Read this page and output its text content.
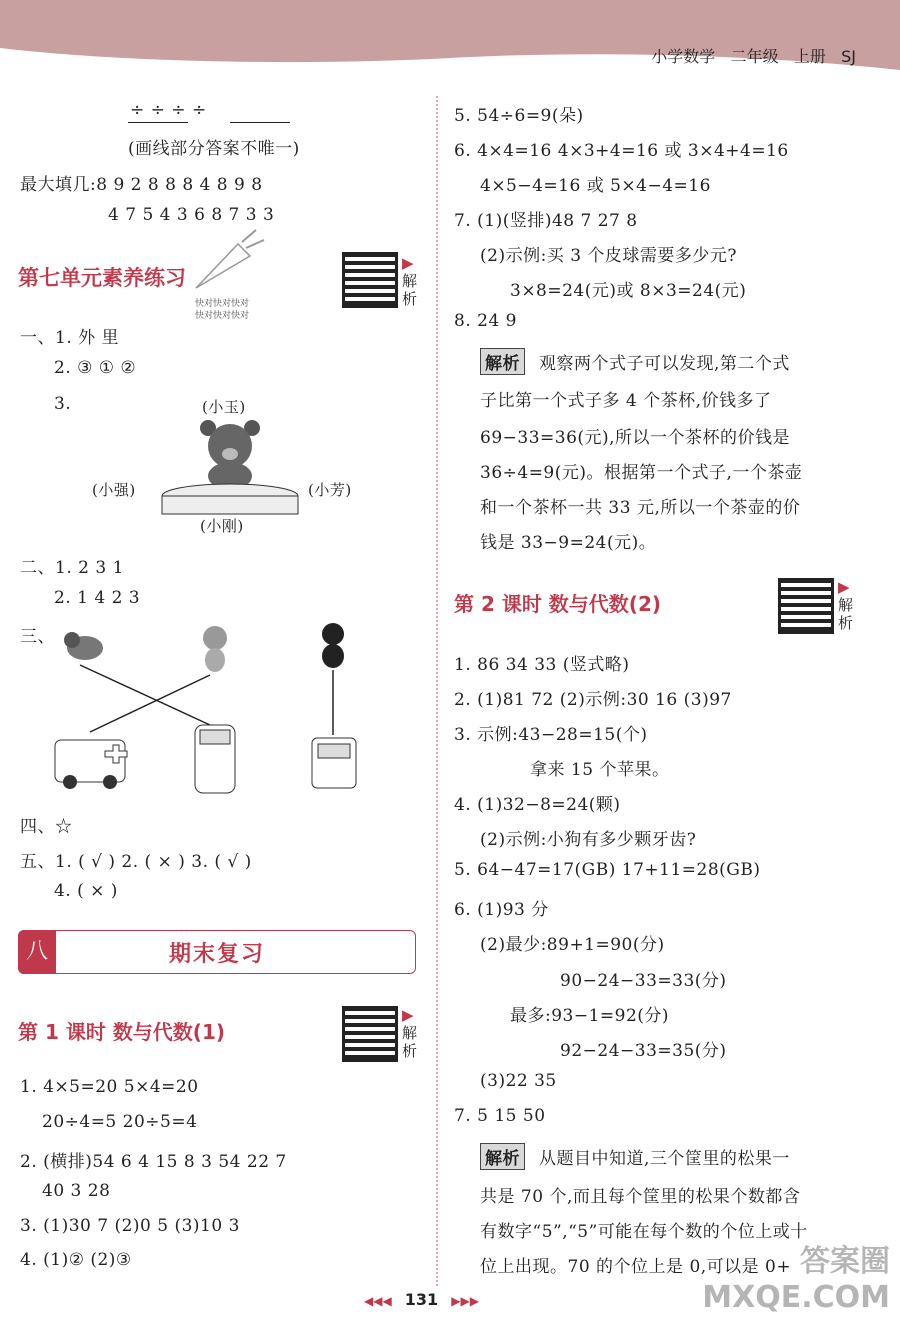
小学数学 二年级 上册 SJ
÷ ÷ ÷ ÷
(画线部分答案不唯一)
最大填几:8 9 2 8 8 8 4 8 9 8
4 7 5 4 3 6 8 7 3 3
第七单元素养练习
快对快对快对
快对快对快对
▶
解析
一、1. 外 里
2. ③ ① ②
3.	(小玉)
(小强)	(小芳)
(小刚)
二、1. 2 3 1
2. 1 4 2 3
三、
四、☆
五、1. ( √ ) 2. ( × ) 3. ( √ )
4. ( × )
八	期末复习
第 1 课时 数与代数(1)
▶
解析
1. 4×5=20 5×4=20
20÷4=5 20÷5=4
2. (横排)54 6 4 15 8 3 54 22 7
40 3 28
3. (1)30 7 (2)0 5 (3)10 3
4. (1)② (2)③
5. 54÷6=9(朵)
6. 4×4=16 4×3+4=16 或 3×4+4=16
4×5−4=16 或 5×4−4=16
7. (1)(竖排)48 7 27 8
(2)示例:买 3 个皮球需要多少元?
3×8=24(元)或 8×3=24(元)
8. 24 9
解析 观察两个式子可以发现,第二个式
子比第一个式子多 4 个茶杯,价钱多了
69−33=36(元),所以一个茶杯的价钱是
36÷4=9(元)。根据第一个式子,一个茶壶
和一个茶杯一共 33 元,所以一个茶壶的价
钱是 33−9=24(元)。
第 2 课时 数与代数(2)
▶
解析
1. 86 34 33 (竖式略)
2. (1)81 72 (2)示例:30 16 (3)97
3. 示例:43−28=15(个)
拿来 15 个苹果。
4. (1)32−8=24(颗)
(2)示例:小狗有多少颗牙齿?
5. 64−47=17(GB) 17+11=28(GB)
6. (1)93 分
(2)最少:89+1=90(分)
90−24−33=33(分)
最多:93−1=92(分)
92−24−33=35(分)
(3)22 35
7. 5 15 50
解析 从题目中知道,三个筐里的松果一
共是 70 个,而且每个筐里的松果个数都含
有数字“5”,“5”可能在每个数的个位上或十
位上出现。70 的个位上是 0,可以是 0+
◀◀◀ 131 ▶▶▶
答案圈 MXQE.COM
